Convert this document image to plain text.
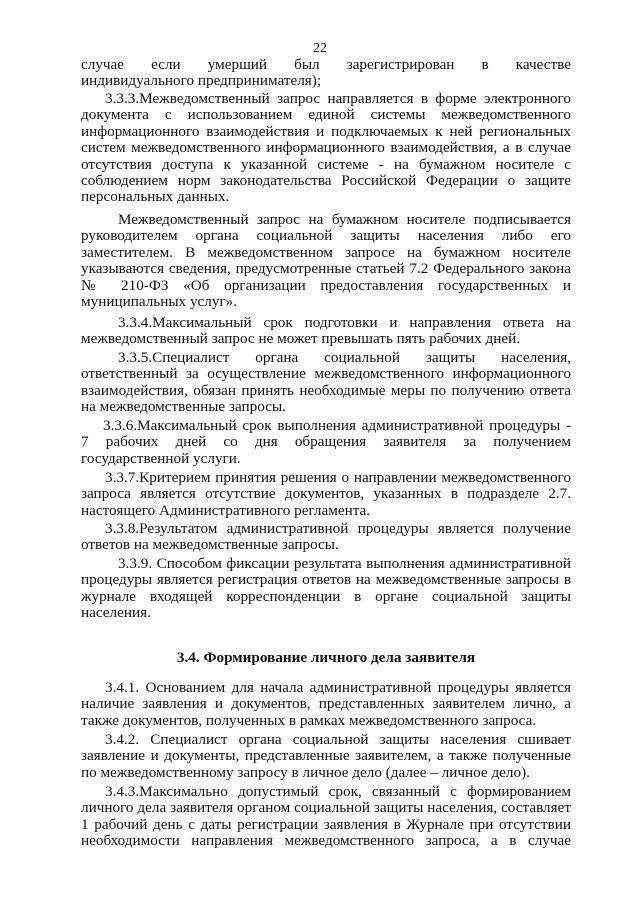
22
случае если умерший был зарегистрирован в качестве
индивидуального предпринимателя);
3.3.3.Межведомственный запрос направляется в форме электронного
документа с использованием единой системы межведомственного
информационного взаимодействия и подключаемых к ней региональных
систем межведомственного информационного взаимодействия, а в случае
отсутствия доступа к указанной системе - на бумажном носителе с
соблюдением норм законодательства Российской Федерации о защите
персональных данных.
Межведомственный запрос на бумажном носителе подписывается
руководителем органа социальной защиты населения либо его
заместителем. В межведомственном запросе на бумажном носителе
указываются сведения, предусмотренные статьей 7.2 Федерального закона
№ 210-ФЗ «Об организации предоставления государственных и
муниципальных услуг».
3.3.4.Максимальный срок подготовки и направления ответа на
межведомственный запрос не может превышать пять рабочих дней.
3.3.5.Специалист органа социальной защиты населения,
ответственный за осуществление межведомственного информационного
взаимодействия, обязан принять необходимые меры по получению ответа
на межведомственные запросы.
3.3.6.Максимальный срок выполнения административной процедуры -
7 рабочих дней со дня обращения заявителя за получением
государственной услуги.
3.3.7.Критерием принятия решения о направлении межведомственного
запроса является отсутствие документов, указанных в подразделе 2.7.
настоящего Административного регламента.
3.3.8.Результатом административной процедуры является получение
ответов на межведомственные запросы.
3.3.9. Способом фиксации результата выполнения административной
процедуры является регистрация ответов на межведомственные запросы в
журнале входящей корреспонденции в органе социальной защиты
населения.
3.4.1. Основанием для начала административной процедуры является
наличие заявления и документов, представленных заявителем лично, а
также документов, полученных в рамках межведомственного запроса.
3.4.2. Специалист органа социальной защиты населения сшивает
заявление и документы, представленные заявителем, а также полученные
по межведомственному запросу в личное дело (далее – личное дело).
3.4.3.Максимально допустимый срок, связанный с формированием
личного дела заявителя органом социальной защиты населения, составляет
1 рабочий день с даты регистрации заявления в Журнале при отсутствии
необходимости направления межведомственного запроса, а в случае
3.4. Формирование личного дела заявителя
